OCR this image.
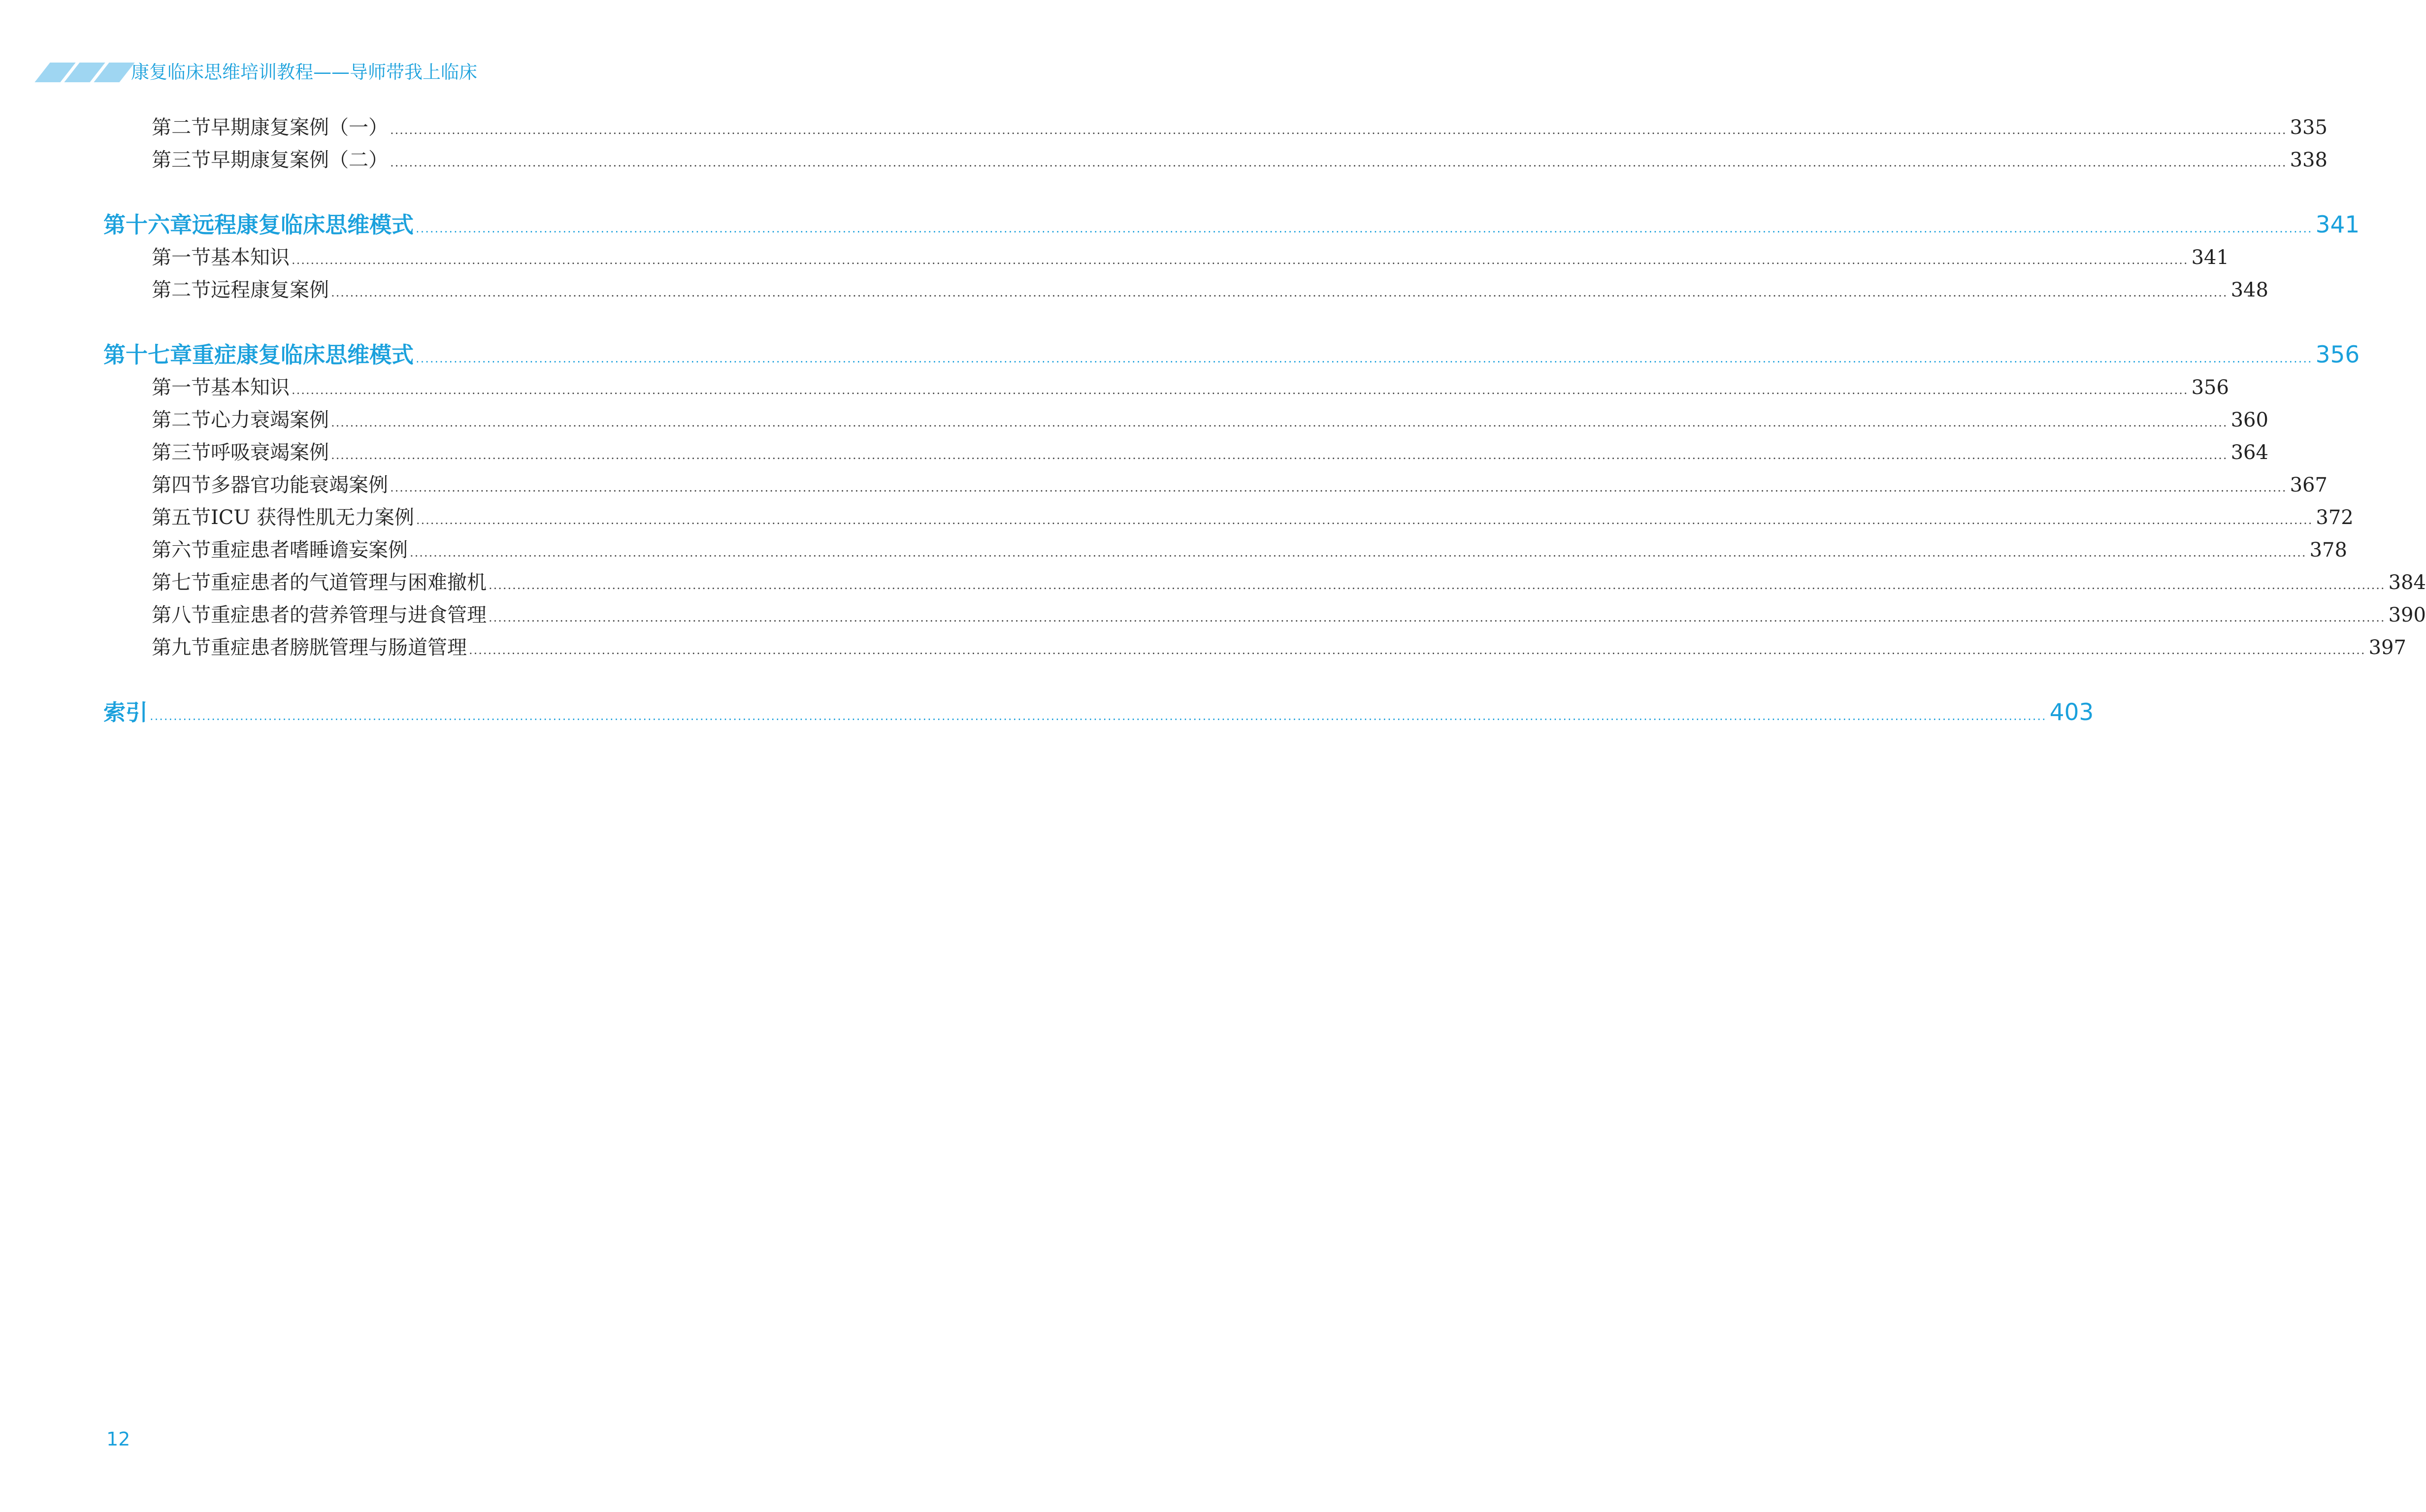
康复临床思维培训教程——导师带我上临床
第二节 早期康复案例（一） ................................................................................................................................................................................................................................................................................................................................................................................................................ 335
第三节 早期康复案例（二） ................................................................................................................................................................................................................................................................................................................................................................................................................ 338
第十六章 远程康复临床思维模式 ................................................................................................................................................................................................................................................................................................................................................................................................................ 341
第一节 基本知识 ................................................................................................................................................................................................................................................................................................................................................................................................................ 341
第二节 远程康复案例 ................................................................................................................................................................................................................................................................................................................................................................................................................ 348
第十七章 重症康复临床思维模式 ................................................................................................................................................................................................................................................................................................................................................................................................................ 356
第一节 基本知识 ................................................................................................................................................................................................................................................................................................................................................................................................................ 356
第二节 心力衰竭案例 ................................................................................................................................................................................................................................................................................................................................................................................................................ 360
第三节 呼吸衰竭案例 ................................................................................................................................................................................................................................................................................................................................................................................................................ 364
第四节 多器官功能衰竭案例 ................................................................................................................................................................................................................................................................................................................................................................................................................ 367
第五节 ICU 获得性肌无力案例 ................................................................................................................................................................................................................................................................................................................................................................................................................ 372
第六节 重症患者嗜睡谵妄案例 ................................................................................................................................................................................................................................................................................................................................................................................................................ 378
第七节 重症患者的气道管理与困难撤机 ................................................................................................................................................................................................................................................................................................................................................................................................................ 384
第八节 重症患者的营养管理与进食管理 ................................................................................................................................................................................................................................................................................................................................................................................................................ 390
第九节 重症患者膀胱管理与肠道管理 ................................................................................................................................................................................................................................................................................................................................................................................................................ 397
索引 ................................................................................................................................................................................................................................................................................................................................................................................................................ 403
12
